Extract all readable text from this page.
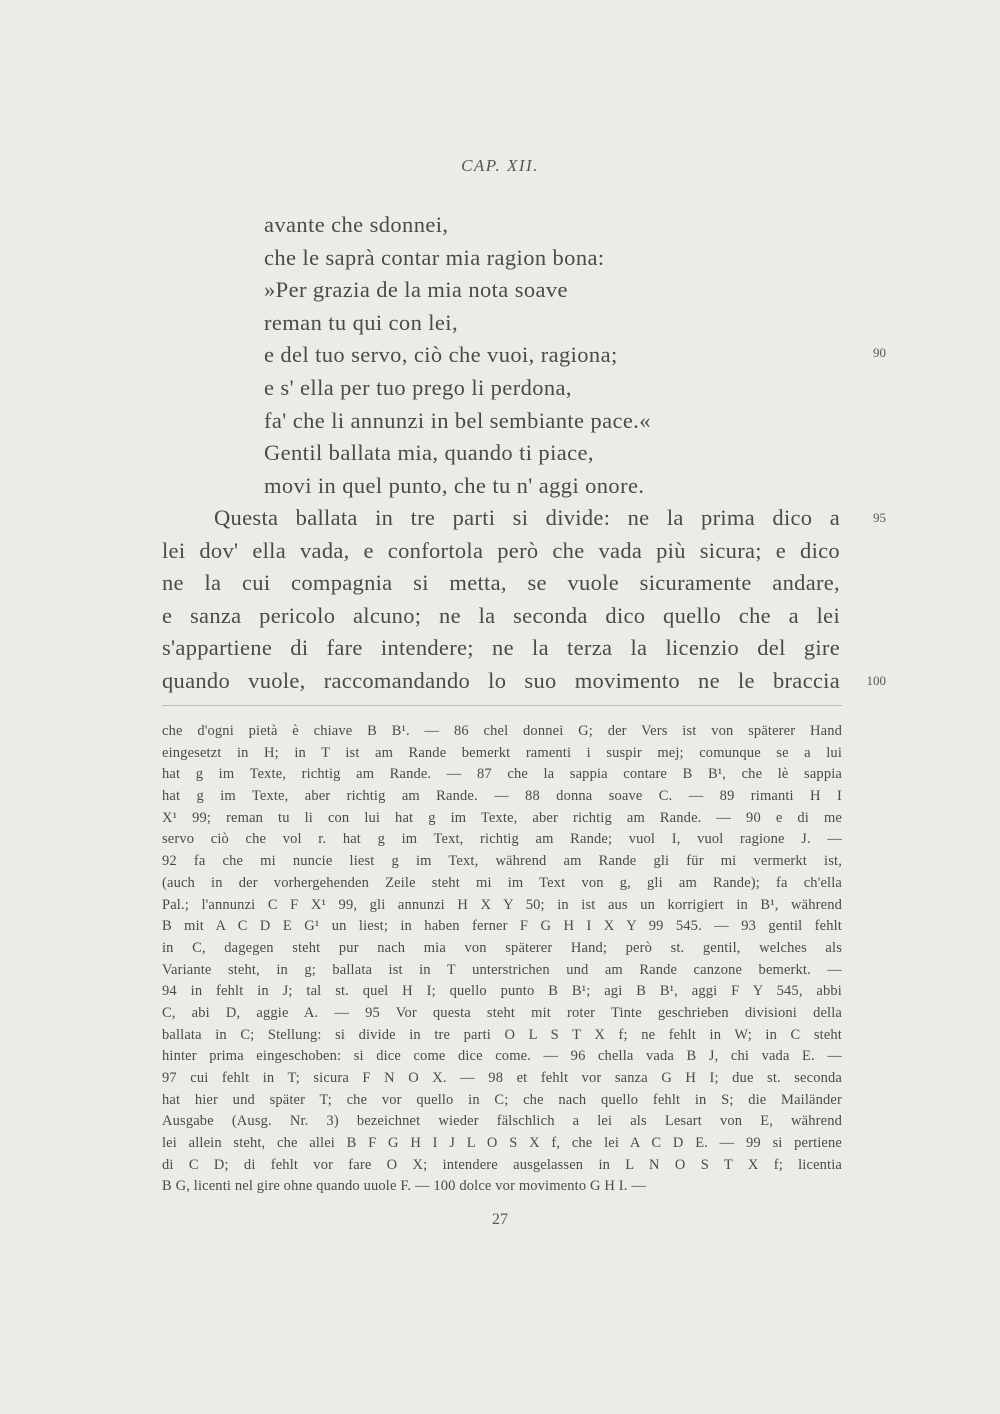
CAP. XII.
avante che sdonnei,
che le saprà contar mia ragion bona:
»Per grazia de la mia nota soave
reman tu qui con lei,
e del tuo servo, ciò che vuoi, ragiona;
e s' ella per tuo prego li perdona,
fa' che li annunzi in bel sembiante pace.«
Gentil ballata mia, quando ti piace,
movi in quel punto, che tu n' aggi onore.
90
95
100
Questa ballata in tre parti si divide: ne la prima dico a
lei dov' ella vada, e confortola però che vada più sicura; e dico
ne la cui compagnia si metta, se vuole sicuramente andare,
e sanza pericolo alcuno; ne la seconda dico quello che a lei
s'appartiene di fare intendere; ne la terza la licenzio del gire
quando vuole, raccomandando lo suo movimento ne le braccia
che d'ogni pietà è chiave B B¹. — 86 chel donnei G; der Vers ist von späterer Hand
eingesetzt in H; in T ist am Rande bemerkt ramenti i suspir mej; comunque se a lui
hat g im Texte, richtig am Rande. — 87 che la sappia contare B B¹, che lè sappia
hat g im Texte, aber richtig am Rande. — 88 donna soave C. — 89 rimanti H I
X¹ 99; reman tu li con lui hat g im Texte, aber richtig am Rande. — 90 e di me
servo ciò che vol r. hat g im Text, richtig am Rande; vuol I, vuol ragione J. —
92 fa che mi nuncie liest g im Text, während am Rande gli für mi vermerkt ist,
(auch in der vorhergehenden Zeile steht mi im Text von g, gli am Rande); fa ch'ella
Pal.; l'annunzi C F X¹ 99, gli annunzi H X Y 50; in ist aus un korrigiert in B¹, während
B mit A C D E G¹ un liest; in haben ferner F G H I X Y 99 545. — 93 gentil fehlt
in C, dagegen steht pur nach mia von späterer Hand; però st. gentil, welches als
Variante steht, in g; ballata ist in T unterstrichen und am Rande canzone bemerkt. —
94 in fehlt in J; tal st. quel H I; quello punto B B¹; agi B B¹, aggi F Y 545, abbi
C, abi D, aggie A. — 95 Vor questa steht mit roter Tinte geschrieben divisioni della
ballata in C; Stellung: si divide in tre parti O L S T X f; ne fehlt in W; in C steht
hinter prima eingeschoben: si dice come dice come. — 96 chella vada B J, chi vada E. —
97 cui fehlt in T; sicura F N O X. — 98 et fehlt vor sanza G H I; due st. seconda
hat hier und später T; che vor quello in C; che nach quello fehlt in S; die Mailänder
Ausgabe (Ausg. Nr. 3) bezeichnet wieder fälschlich a lei als Lesart von E, während
lei allein steht, che allei B F G H I J L O S X f, che lei A C D E. — 99 si pertiene
di C D; di fehlt vor fare O X; intendere ausgelassen in L N O S T X f; licentia
B G, licenti nel gire ohne quando uuole F. — 100 dolce vor movimento G H I. —
27
